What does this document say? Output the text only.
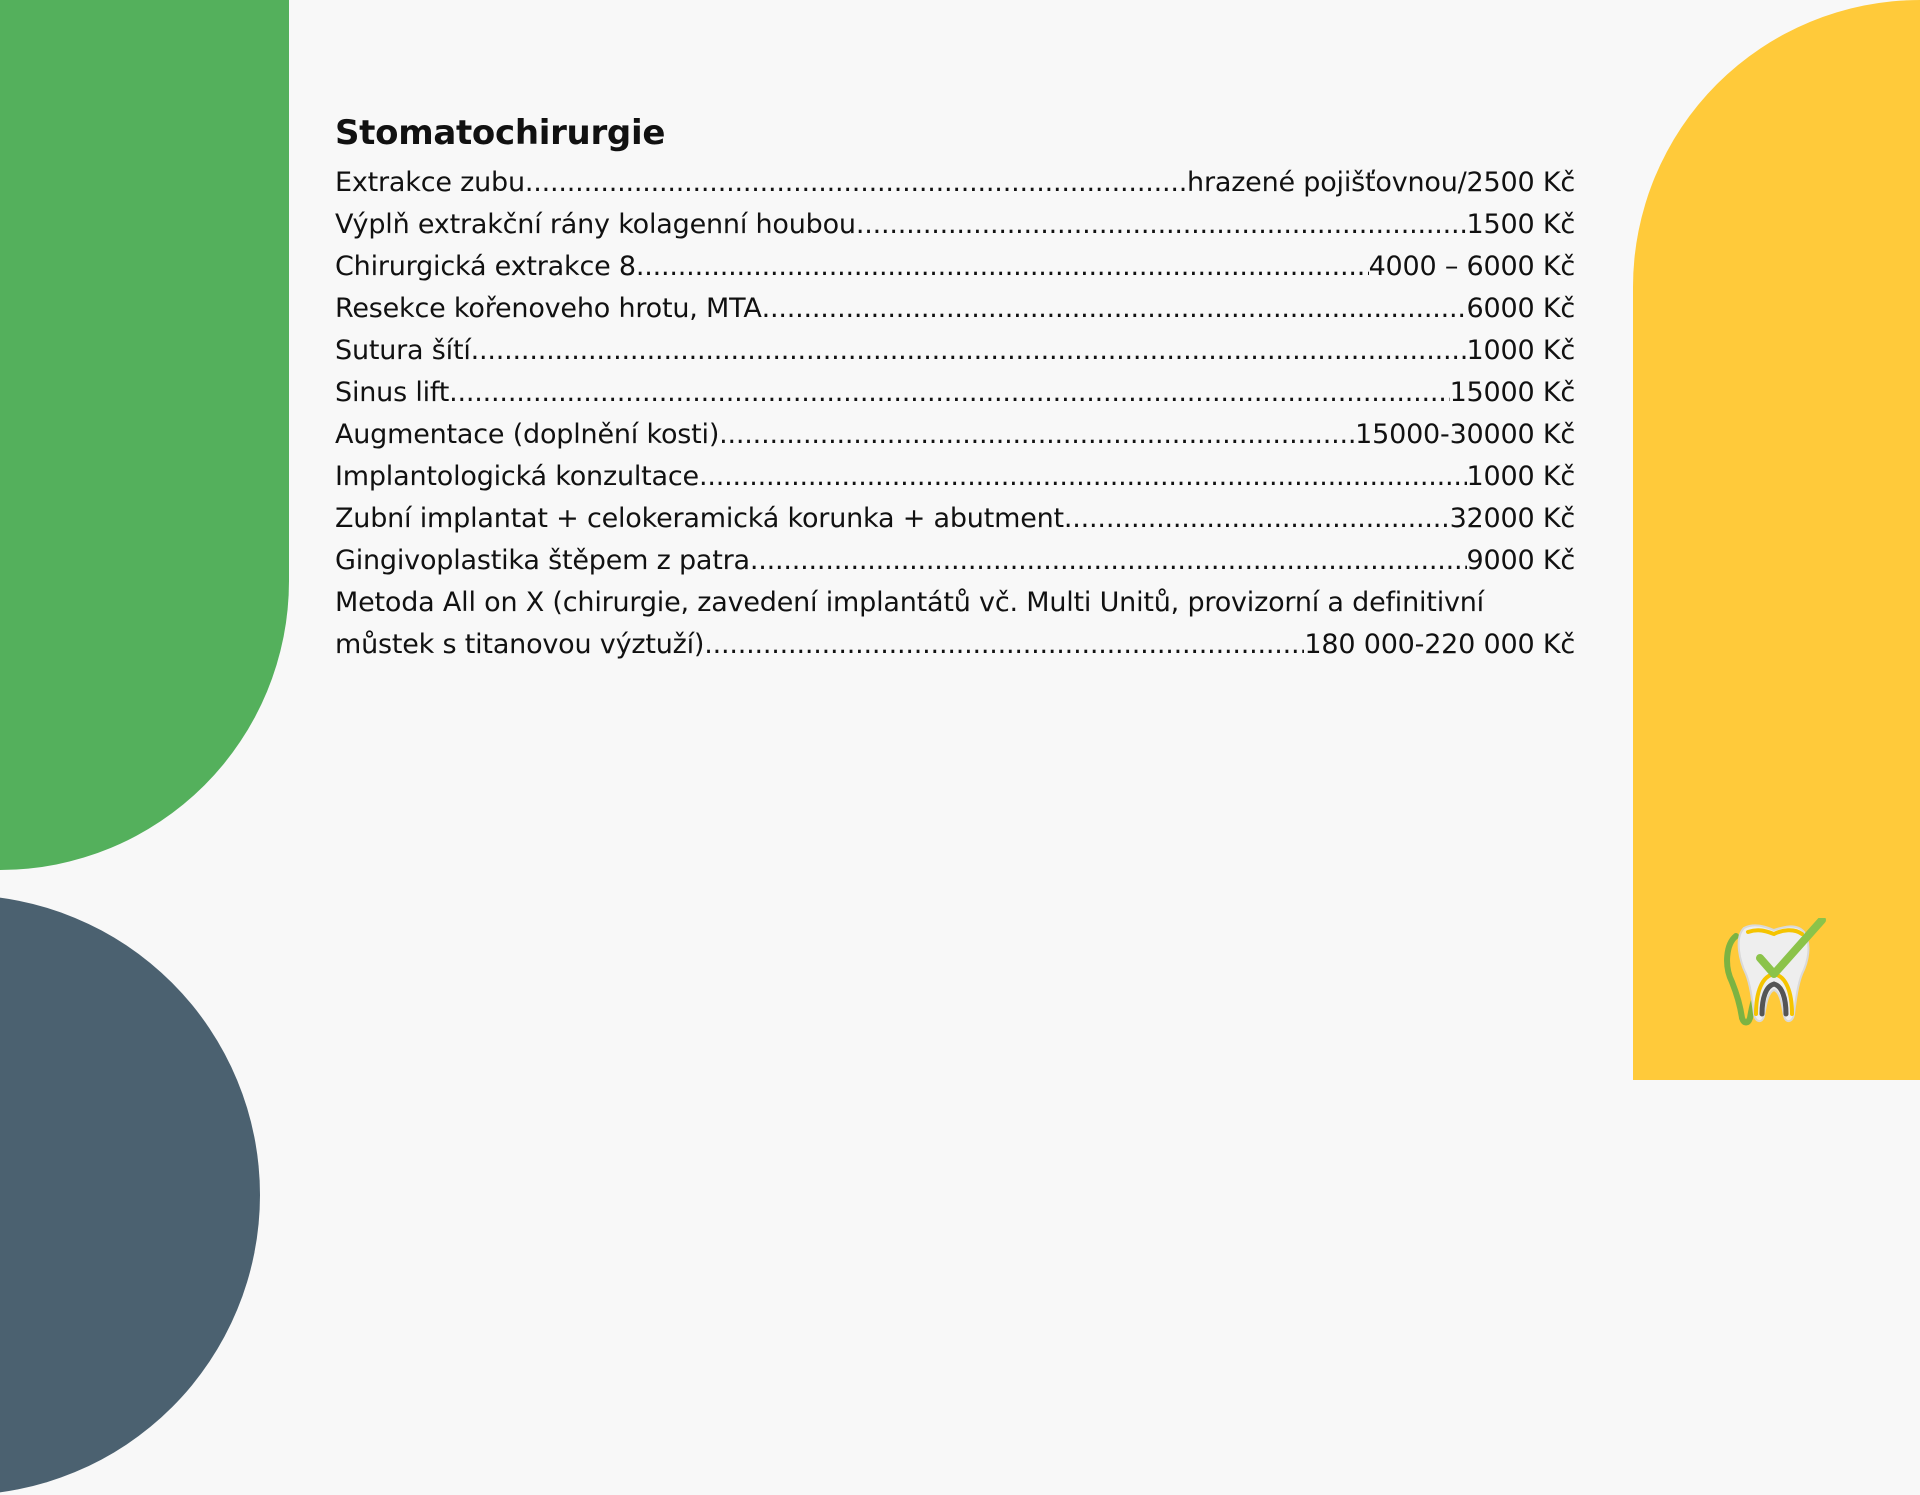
Stomatochirurgie
Extrakce zubu .....	hrazené pojišťovnou/2500 Kč
Výplň extrakční rány kolagenní houbou .....	1500 Kč
Chirurgická extrakce 8 .....	4000 – 6000 Kč
Resekce kořenoveho hrotu, MTA .....	6000 Kč
Sutura šítí .....	1000 Kč
Sinus lift .....	15000 Kč
Augmentace (doplnění kosti) .....	15000-30000 Kč
Implantologická konzultace .....	1000 Kč
Zubní implantat + celokeramická korunka + abutment .....	32000 Kč
Gingivoplastika štěpem z patra .....	9000 Kč
Metoda All on X (chirurgie, zavedení implantátů vč. Multi Unitů, provizorní a definitivní
můstek s titanovou výztuží) .....	180 000-220 000 Kč
